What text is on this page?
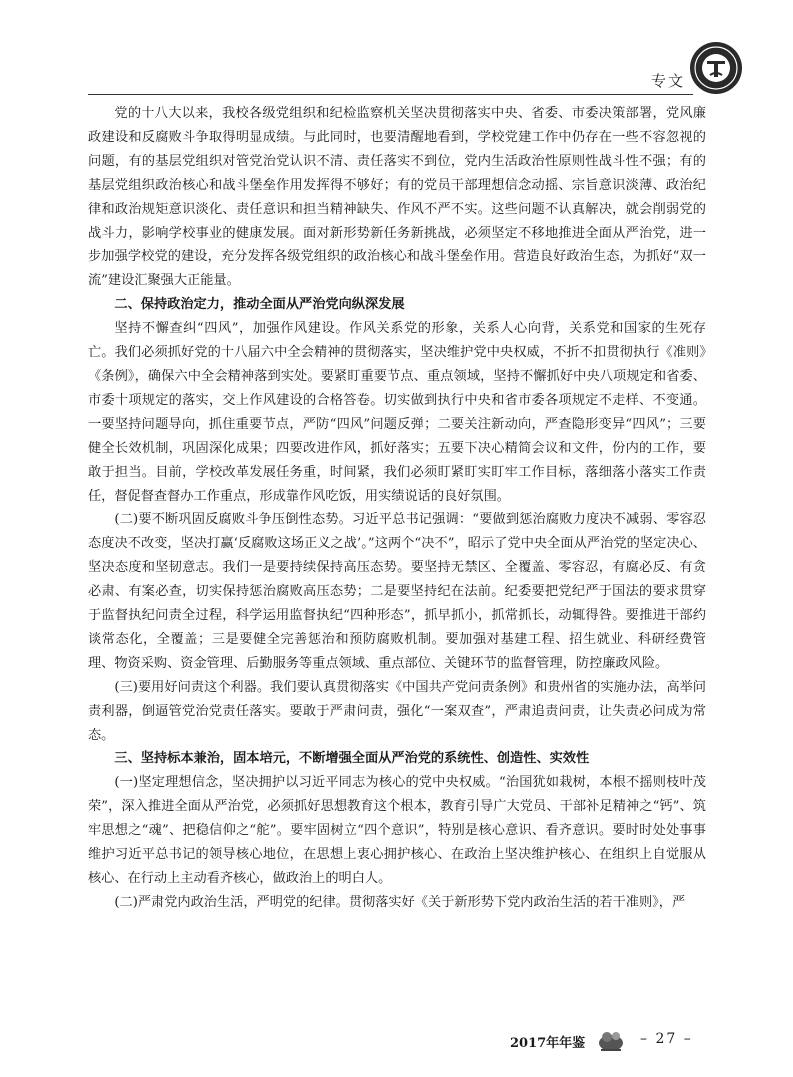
专文

党的十八大以来，我校各级党组织和纪检监察机关坚决贯彻落实中央、省委、市委决策部署，党风廉政建设和反腐败斗争取得明显成绩。与此同时，也要清醒地看到，学校党建工作中仍存在一些不容忽视的问题，有的基层党组织对管党治党认识不清、责任落实不到位，党内生活政治性原则性战斗性不强；有的基层党组织政治核心和战斗堡垒作用发挥得不够好；有的党员干部理想信念动摇、宗旨意识淡薄、政治纪律和政治规矩意识淡化、责任意识和担当精神缺失、作风不严不实。这些问题不认真解决，就会削弱党的战斗力，影响学校事业的健康发展。面对新形势新任务新挑战，必须坚定不移地推进全面从严治党，进一步加强学校党的建设，充分发挥各级党组织的政治核心和战斗堡垒作用。营造良好政治生态，为抓好“双一流”建设汇聚强大正能量。

二、保持政治定力，推动全面从严治党向纵深发展

坚持不懈查纠“四风”，加强作风建设。作风关系党的形象，关系人心向背，关系党和国家的生死存亡。我们必须抓好党的十八届六中全会精神的贯彻落实，坚决维护党中央权威，不折不扣贯彻执行《准则》《条例》，确保六中全会精神落到实处。要紧盯重要节点、重点领域，坚持不懈抓好中央八项规定和省委、市委十项规定的落实，交上作风建设的合格答卷。切实做到执行中央和省市委各项规定不走样、不变通。一要坚持问题导向，抓住重要节点，严防“四风”问题反弹；二要关注新动向，严查隐形变异“四风”；三要健全长效机制，巩固深化成果；四要改进作风，抓好落实；五要下决心精简会议和文件，份内的工作，要敢于担当。目前，学校改革发展任务重，时间紧，我们必须盯紧盯实盯牢工作目标，落细落小落实工作责任，督促督查督办工作重点，形成靠作风吃饭，用实绩说话的良好氛围。

(二)要不断巩固反腐败斗争压倒性态势。习近平总书记强调：“要做到惩治腐败力度决不减弱、零容忍态度决不改变，坚决打赢‘反腐败这场正义之战’。”这两个“决不”，昭示了党中央全面从严治党的坚定决心、坚决态度和坚韧意志。我们一是要持续保持高压态势。要坚持无禁区、全覆盖、零容忍，有腐必反、有贪必肃、有案必查，切实保持惩治腐败高压态势；二是要坚持纪在法前。纪委要把党纪严于国法的要求贯穿于监督执纪问责全过程，科学运用监督执纪“四种形态”，抓早抓小，抓常抓长，动辄得咎。要推进干部约谈常态化，全覆盖；三是要健全完善惩治和预防腐败机制。要加强对基建工程、招生就业、科研经费管理、物资采购、资金管理、后勤服务等重点领域、重点部位、关键环节的监督管理，防控廉政风险。

(三)要用好问责这个利器。我们要认真贯彻落实《中国共产党问责条例》和贵州省的实施办法，高举问责利器，倒逼管党治党责任落实。要敢于严肃问责，强化“一案双查”，严肃追责问责，让失责必问成为常态。

三、坚持标本兼治，固本培元，不断增强全面从严治党的系统性、创造性、实效性

(一)坚定理想信念，坚决拥护以习近平同志为核心的党中央权威。“治国犹如栽树，本根不摇则枝叶茂荣”，深入推进全面从严治党，必须抓好思想教育这个根本，教育引导广大党员、干部补足精神之“钙”、筑牢思想之“魂”、把稳信仰之“舵”。要牢固树立“四个意识”，特别是核心意识、看齐意识。要时时处处事事维护习近平总书记的领导核心地位，在思想上衷心拥护核心、在政治上坚决维护核心、在组织上自觉服从核心、在行动上主动看齐核心，做政治上的明白人。

(二)严肃党内政治生活，严明党的纪律。贯彻落实好《关于新形势下党内政治生活的若干准则》，严

2017年年鉴	– 27 –
